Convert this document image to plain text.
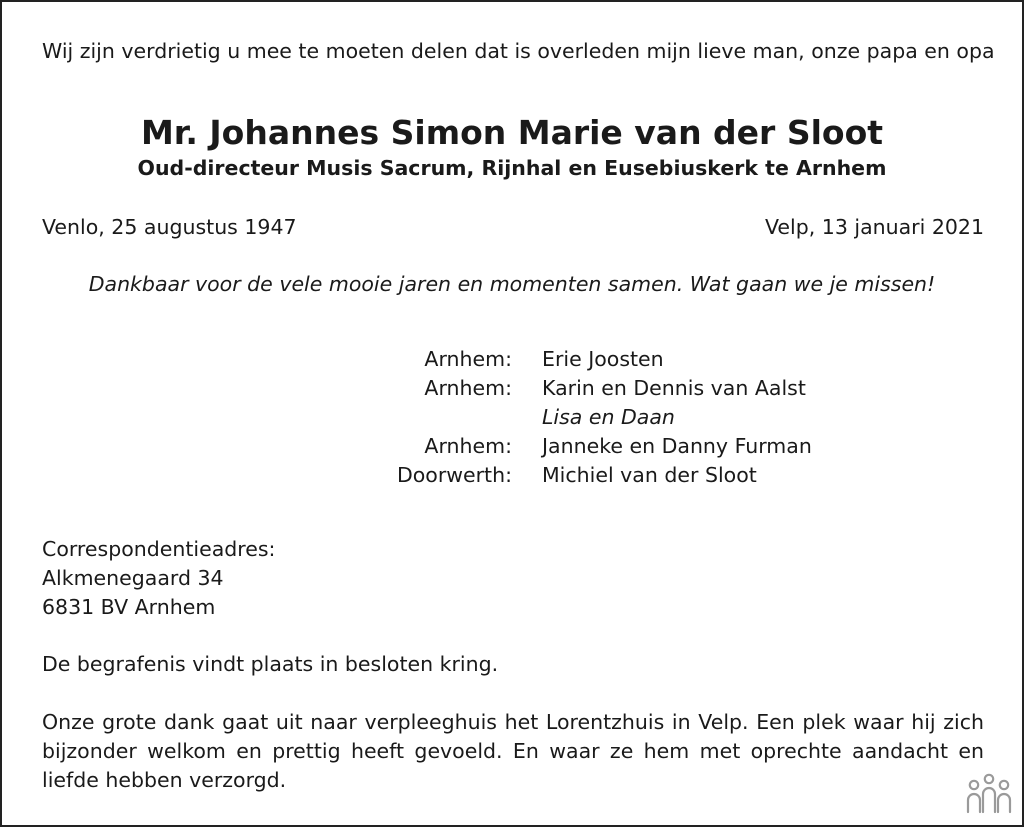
Wij zijn verdrietig u mee te moeten delen dat is overleden mijn lieve man, onze papa en opa
Mr. Johannes Simon Marie van der Sloot
Oud-directeur Musis Sacrum, Rijnhal en Eusebiuskerk te Arnhem
Venlo, 25 augustus 1947	Velp, 13 januari 2021
Dankbaar voor de vele mooie jaren en momenten samen. Wat gaan we je missen!
Arnhem: Erie Joosten
Arnhem: Karin en Dennis van Aalst
Lisa en Daan
Arnhem: Janneke en Danny Furman
Doorwerth: Michiel van der Sloot
Correspondentieadres:
Alkmenegaard 34
6831 BV Arnhem
De begrafenis vindt plaats in besloten kring.
Onze grote dank gaat uit naar verpleeghuis het Lorentzhuis in Velp. Een plek waar hij zich bijzonder welkom en prettig heeft gevoeld. En waar ze hem met oprechte aandacht en liefde hebben verzorgd.
